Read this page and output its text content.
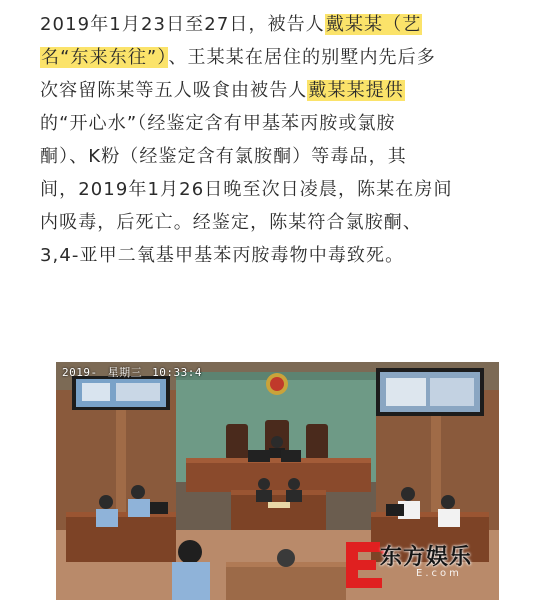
2019年1月23日至27日，被告人戴某某（艺
名“东来东往”）、王某某在居住的别墅内先后多
次容留陈某等五人吸食由被告人戴某某提供
的“开心水”（经鉴定含有甲基苯丙胺或氯胺
酮）、K粉（经鉴定含有氯胺酮）等毒品，其
间，2019年1月26日晚至次日凌晨，陈某在房间
内吸毒，后死亡。经鉴定，陈某符合氯胺酮、
3,4-亚甲二氧基甲基苯丙胺毒物中毒致死。
2019- 星期三 10:33:4
东方娱乐
E.com
